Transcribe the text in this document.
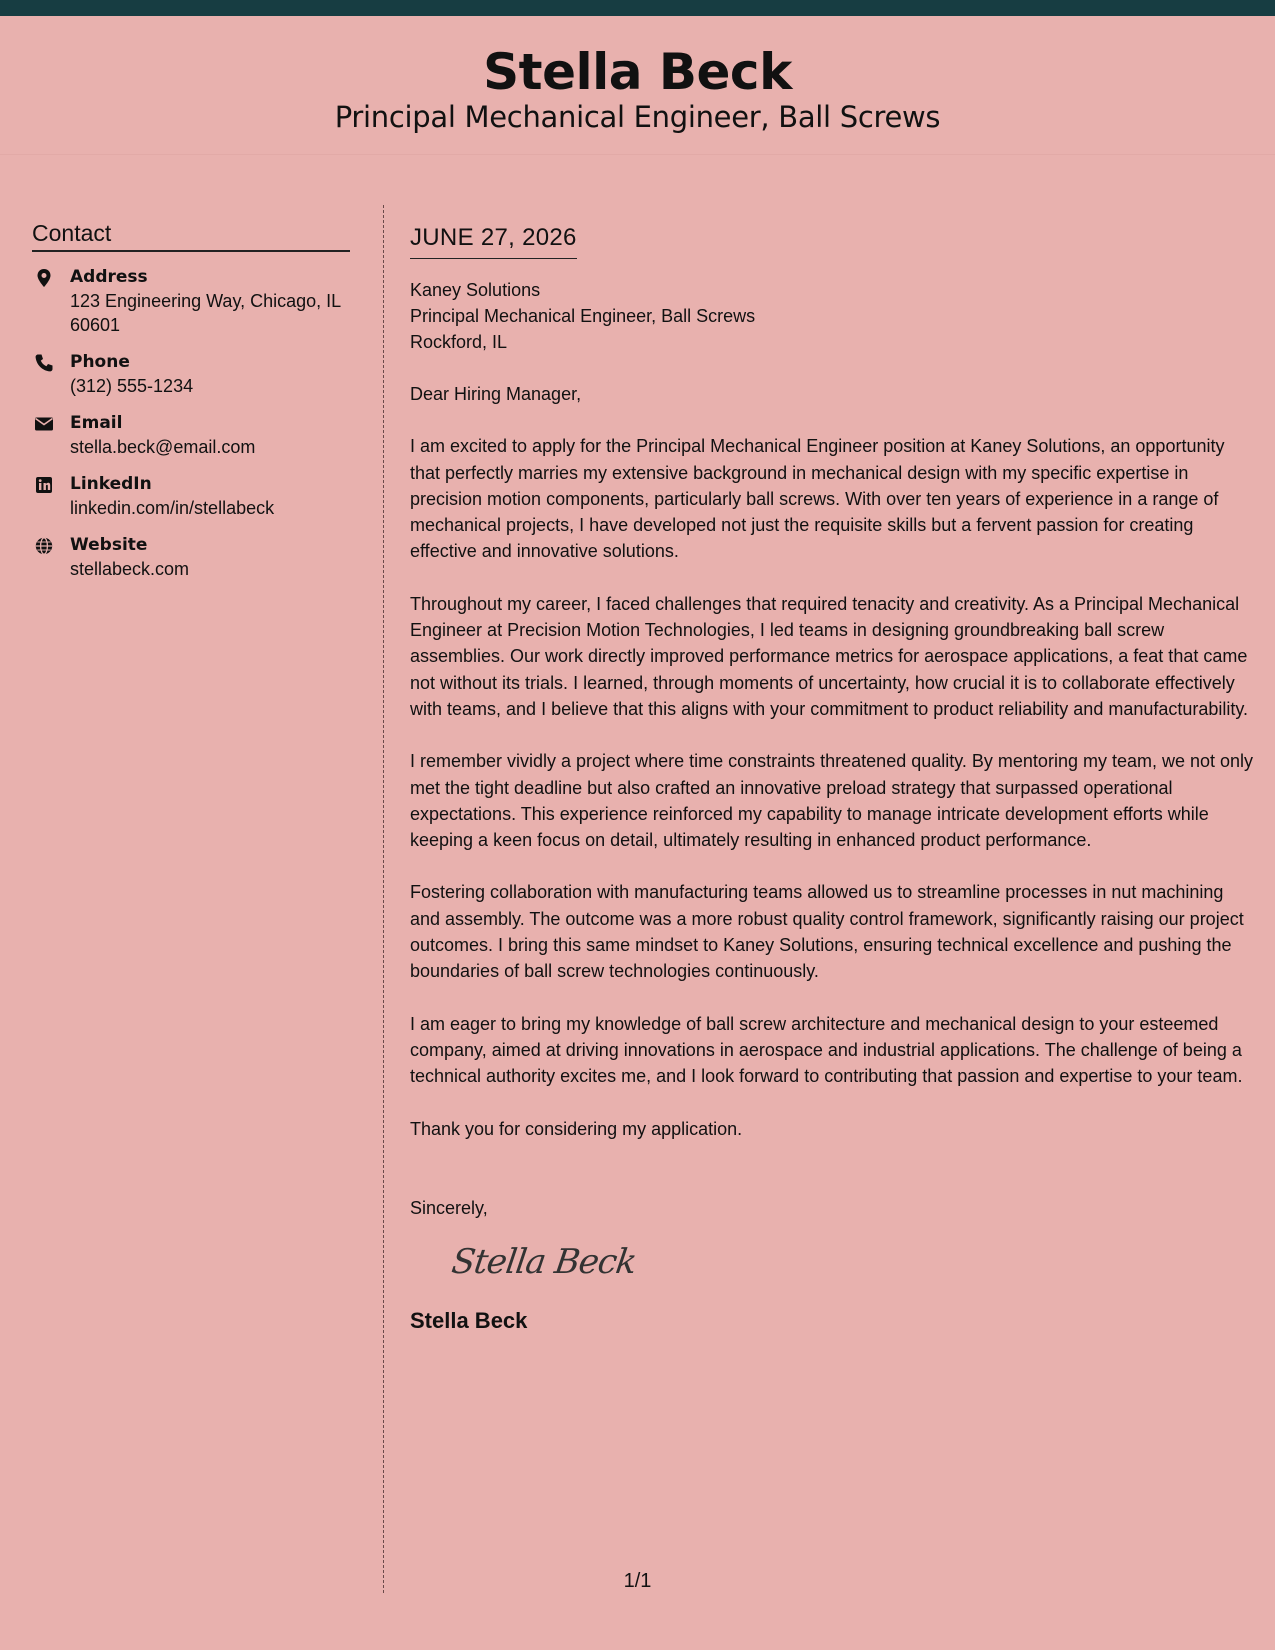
Stella Beck
Principal Mechanical Engineer, Ball Screws
Contact
Address
123 Engineering Way, Chicago, IL 60601
Phone
(312) 555-1234
Email
stella.beck@email.com
LinkedIn
linkedin.com/in/stellabeck
Website
stellabeck.com
JUNE 27, 2026
Kaney Solutions
Principal Mechanical Engineer, Ball Screws
Rockford, IL
Dear Hiring Manager,
I am excited to apply for the Principal Mechanical Engineer position at Kaney Solutions, an opportunity that perfectly marries my extensive background in mechanical design with my specific expertise in precision motion components, particularly ball screws. With over ten years of experience in a range of mechanical projects, I have developed not just the requisite skills but a fervent passion for creating effective and innovative solutions.
Throughout my career, I faced challenges that required tenacity and creativity. As a Principal Mechanical Engineer at Precision Motion Technologies, I led teams in designing groundbreaking ball screw assemblies. Our work directly improved performance metrics for aerospace applications, a feat that came not without its trials. I learned, through moments of uncertainty, how crucial it is to collaborate effectively with teams, and I believe that this aligns with your commitment to product reliability and manufacturability.
I remember vividly a project where time constraints threatened quality. By mentoring my team, we not only met the tight deadline but also crafted an innovative preload strategy that surpassed operational expectations. This experience reinforced my capability to manage intricate development efforts while keeping a keen focus on detail, ultimately resulting in enhanced product performance.
Fostering collaboration with manufacturing teams allowed us to streamline processes in nut machining and assembly. The outcome was a more robust quality control framework, significantly raising our project outcomes. I bring this same mindset to Kaney Solutions, ensuring technical excellence and pushing the boundaries of ball screw technologies continuously.
I am eager to bring my knowledge of ball screw architecture and mechanical design to your esteemed company, aimed at driving innovations in aerospace and industrial applications. The challenge of being a technical authority excites me, and I look forward to contributing that passion and expertise to your team.
Thank you for considering my application.
Sincerely,
Stella Beck
Stella Beck
1/1
